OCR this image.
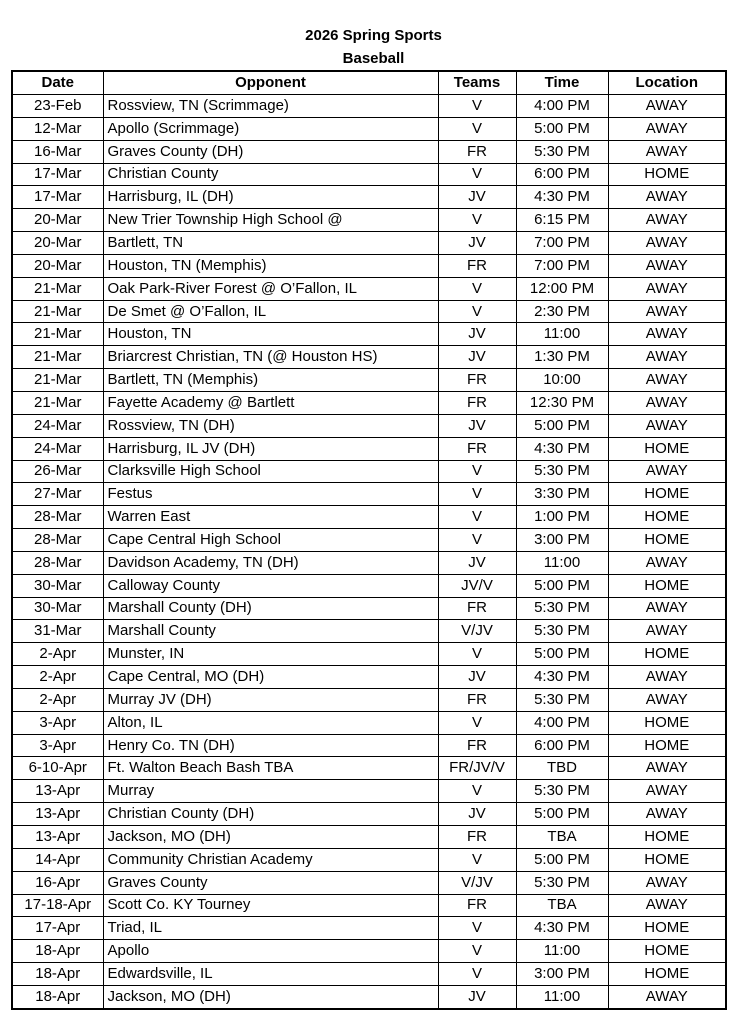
2026 Spring Sports
Baseball
Date	Opponent	Teams	Time	Location
23-Feb	Rossview, TN (Scrimmage)	V	4:00 PM	AWAY
12-Mar	Apollo (Scrimmage)	V	5:00 PM	AWAY
16-Mar	Graves County (DH)	FR	5:30 PM	AWAY
17-Mar	Christian County	V	6:00 PM	HOME
17-Mar	Harrisburg, IL (DH)	JV	4:30 PM	AWAY
20-Mar	New Trier Township High School @	V	6:15 PM	AWAY
20-Mar	Bartlett, TN	JV	7:00 PM	AWAY
20-Mar	Houston, TN (Memphis)	FR	7:00 PM	AWAY
21-Mar	Oak Park-River Forest @ O’Fallon, IL	V	12:00 PM	AWAY
21-Mar	De Smet @ O’Fallon, IL	V	2:30 PM	AWAY
21-Mar	Houston, TN	JV	11:00	AWAY
21-Mar	Briarcrest Christian, TN (@ Houston HS)	JV	1:30 PM	AWAY
21-Mar	Bartlett, TN (Memphis)	FR	10:00	AWAY
21-Mar	Fayette Academy @ Bartlett	FR	12:30 PM	AWAY
24-Mar	Rossview, TN (DH)	JV	5:00 PM	AWAY
24-Mar	Harrisburg, IL JV (DH)	FR	4:30 PM	HOME
26-Mar	Clarksville High School	V	5:30 PM	AWAY
27-Mar	Festus	V	3:30 PM	HOME
28-Mar	Warren East	V	1:00 PM	HOME
28-Mar	Cape Central High School	V	3:00 PM	HOME
28-Mar	Davidson Academy, TN (DH)	JV	11:00	AWAY
30-Mar	Calloway County	JV/V	5:00 PM	HOME
30-Mar	Marshall County (DH)	FR	5:30 PM	AWAY
31-Mar	Marshall County	V/JV	5:30 PM	AWAY
2-Apr	Munster, IN	V	5:00 PM	HOME
2-Apr	Cape Central, MO (DH)	JV	4:30 PM	AWAY
2-Apr	Murray JV (DH)	FR	5:30 PM	AWAY
3-Apr	Alton, IL	V	4:00 PM	HOME
3-Apr	Henry Co. TN (DH)	FR	6:00 PM	HOME
6-10-Apr	Ft. Walton Beach Bash TBA	FR/JV/V	TBD	AWAY
13-Apr	Murray	V	5:30 PM	AWAY
13-Apr	Christian County (DH)	JV	5:00 PM	AWAY
13-Apr	Jackson, MO (DH)	FR	TBA	HOME
14-Apr	Community Christian Academy	V	5:00 PM	HOME
16-Apr	Graves County	V/JV	5:30 PM	AWAY
17-18-Apr	Scott Co. KY Tourney	FR	TBA	AWAY
17-Apr	Triad, IL	V	4:30 PM	HOME
18-Apr	Apollo	V	11:00	HOME
18-Apr	Edwardsville, IL	V	3:00 PM	HOME
18-Apr	Jackson, MO (DH)	JV	11:00	AWAY
